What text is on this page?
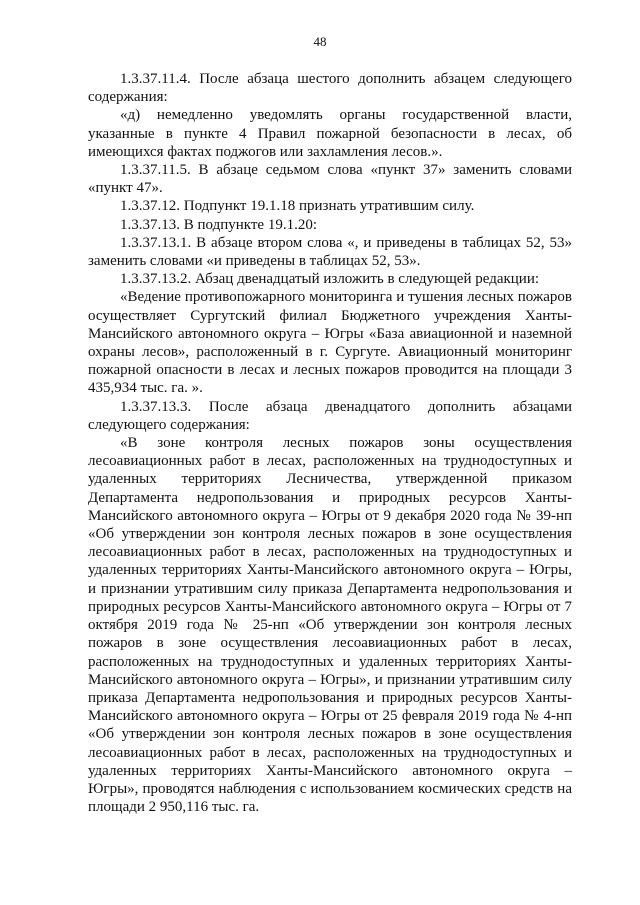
48

1.3.37.11.4. После абзаца шестого дополнить абзацем следующего содержания:

«д) немедленно уведомлять органы государственной власти, указанные в пункте 4 Правил пожарной безопасности в лесах, об имеющихся фактах поджогов или захламления лесов.».

1.3.37.11.5. В абзаце седьмом слова «пункт 37» заменить словами «пункт 47».

1.3.37.12. Подпункт 19.1.18 признать утратившим силу.

1.3.37.13. В подпункте 19.1.20:

1.3.37.13.1. В абзаце втором слова «, и приведены в таблицах 52, 53» заменить словами «и приведены в таблицах 52, 53».

1.3.37.13.2. Абзац двенадцатый изложить в следующей редакции:

«Ведение противопожарного мониторинга и тушения лесных пожаров осуществляет Сургутский филиал Бюджетного учреждения Ханты-Мансийского автономного округа – Югры «База авиационной и наземной охраны лесов», расположенный в г. Сургуте. Авиационный мониторинг пожарной опасности в лесах и лесных пожаров проводится на площади 3 435,934 тыс. га. ».

1.3.37.13.3. После абзаца двенадцатого дополнить абзацами следующего содержания:

«В зоне контроля лесных пожаров зоны осуществления лесоавиационных работ в лесах, расположенных на труднодоступных и удаленных территориях Лесничества, утвержденной приказом Департамента недропользования и природных ресурсов Ханты-Мансийского автономного округа – Югры от 9 декабря 2020 года № 39-нп «Об утверждении зон контроля лесных пожаров в зоне осуществления лесоавиационных работ в лесах, расположенных на труднодоступных и удаленных территориях Ханты-Мансийского автономного округа – Югры, и признании утратившим силу приказа Департамента недропользования и природных ресурсов Ханты-Мансийского автономного округа – Югры от 7 октября 2019 года № 25-нп «Об утверждении зон контроля лесных пожаров в зоне осуществления лесоавиационных работ в лесах, расположенных на труднодоступных и удаленных территориях Ханты-Мансийского автономного округа – Югры», и признании утратившим силу приказа Департамента недропользования и природных ресурсов Ханты-Мансийского автономного округа – Югры от 25 февраля 2019 года № 4-нп «Об утверждении зон контроля лесных пожаров в зоне осуществления лесоавиационных работ в лесах, расположенных на труднодоступных и удаленных территориях Ханты-Мансийского автономного округа – Югры», проводятся наблюдения с использованием космических средств на площади 2 950,116 тыс. га.
